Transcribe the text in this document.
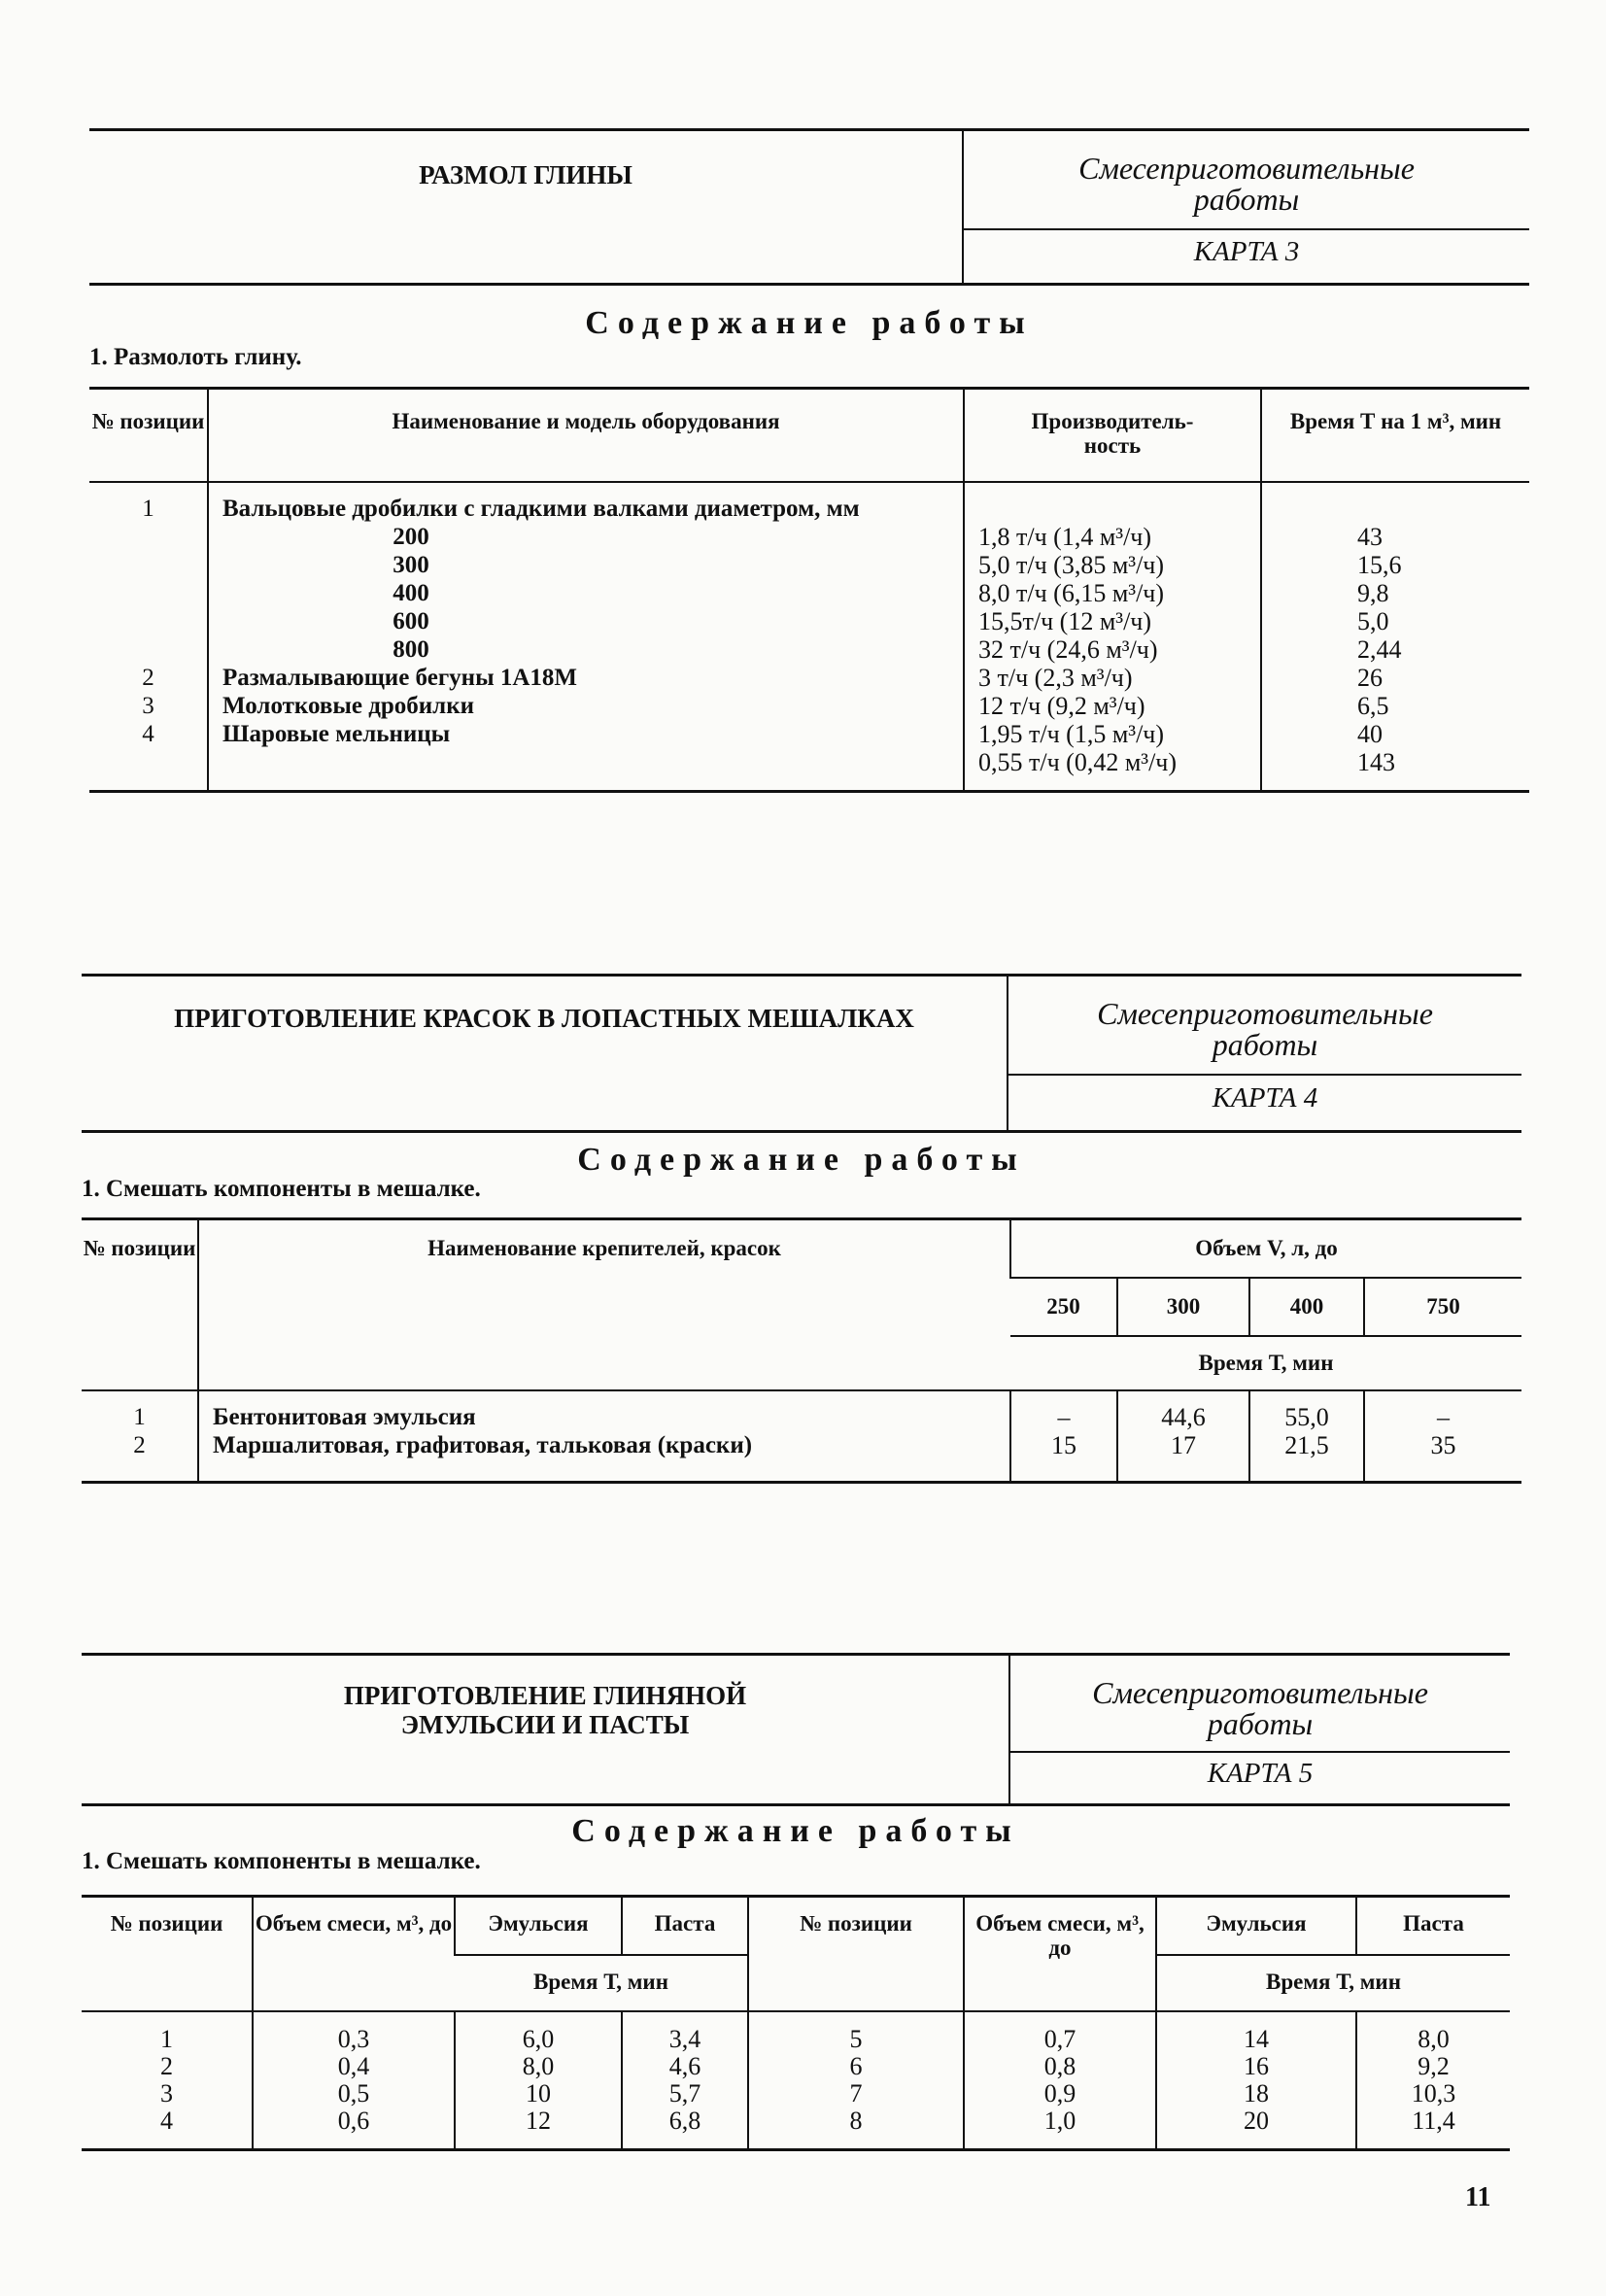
РАЗМОЛ ГЛИНЫ	Смесеприготовительные работы
КАРТА 3
Содержание работы
1. Размолоть глину.
№ позиции	Наименование и модель оборудования	Производительность	Время Т на 1 м³, мин
1	Вальцовые дробилки с гладкими валками диаметром, мм		
	200	1,8 т/ч (1,4 м³/ч)	43
	300	5,0 т/ч (3,85 м³/ч)	15,6
	400	8,0 т/ч (6,15 м³/ч)	9,8
	600	15,5т/ч (12 м³/ч)	5,0
	800	32 т/ч (24,6 м³/ч)	2,44
2	Размалывающие бегуны 1А18М	3 т/ч (2,3 м³/ч)	26
3	Молотковые дробилки	12 т/ч (9,2 м³/ч)	6,5
4	Шаровые мельницы	1,95 т/ч (1,5 м³/ч)	40
		0,55 т/ч (0,42 м³/ч)	143
ПРИГОТОВЛЕНИЕ КРАСОК В ЛОПАСТНЫХ МЕШАЛКАХ	Смесеприготовительные работы
КАРТА 4
Содержание работы
1. Смешать компоненты в мешалке.
№ позиции	Наименование крепителей, красок	Объем V, л, до			
		250	300	400	750
		Время Т, мин			
1	Бентонитовая эмульсия	–	44,6	55,0	–
2	Маршалитовая, графитовая, тальковая (краски)	15	17	21,5	35
ПРИГОТОВЛЕНИЕ ГЛИНЯНОЙ ЭМУЛЬСИИ И ПАСТЫ
Смесеприготовительные работы
КАРТА 5
Содержание работы
1. Смешать компоненты в мешалке.
№ позиции	Объем смеси, м³, до	Эмульсия	Паста	№ позиции	Объем смеси, м³, до	Эмульсия	Паста
		Время Т, мин				Время Т, мин	
1	0,3	6,0	3,4	5	0,7	14	8,0
2	0,4	8,0	4,6	6	0,8	16	9,2
3	0,5	10	5,7	7	0,9	18	10,3
4	0,6	12	6,8	8	1,0	20	11,4
11
